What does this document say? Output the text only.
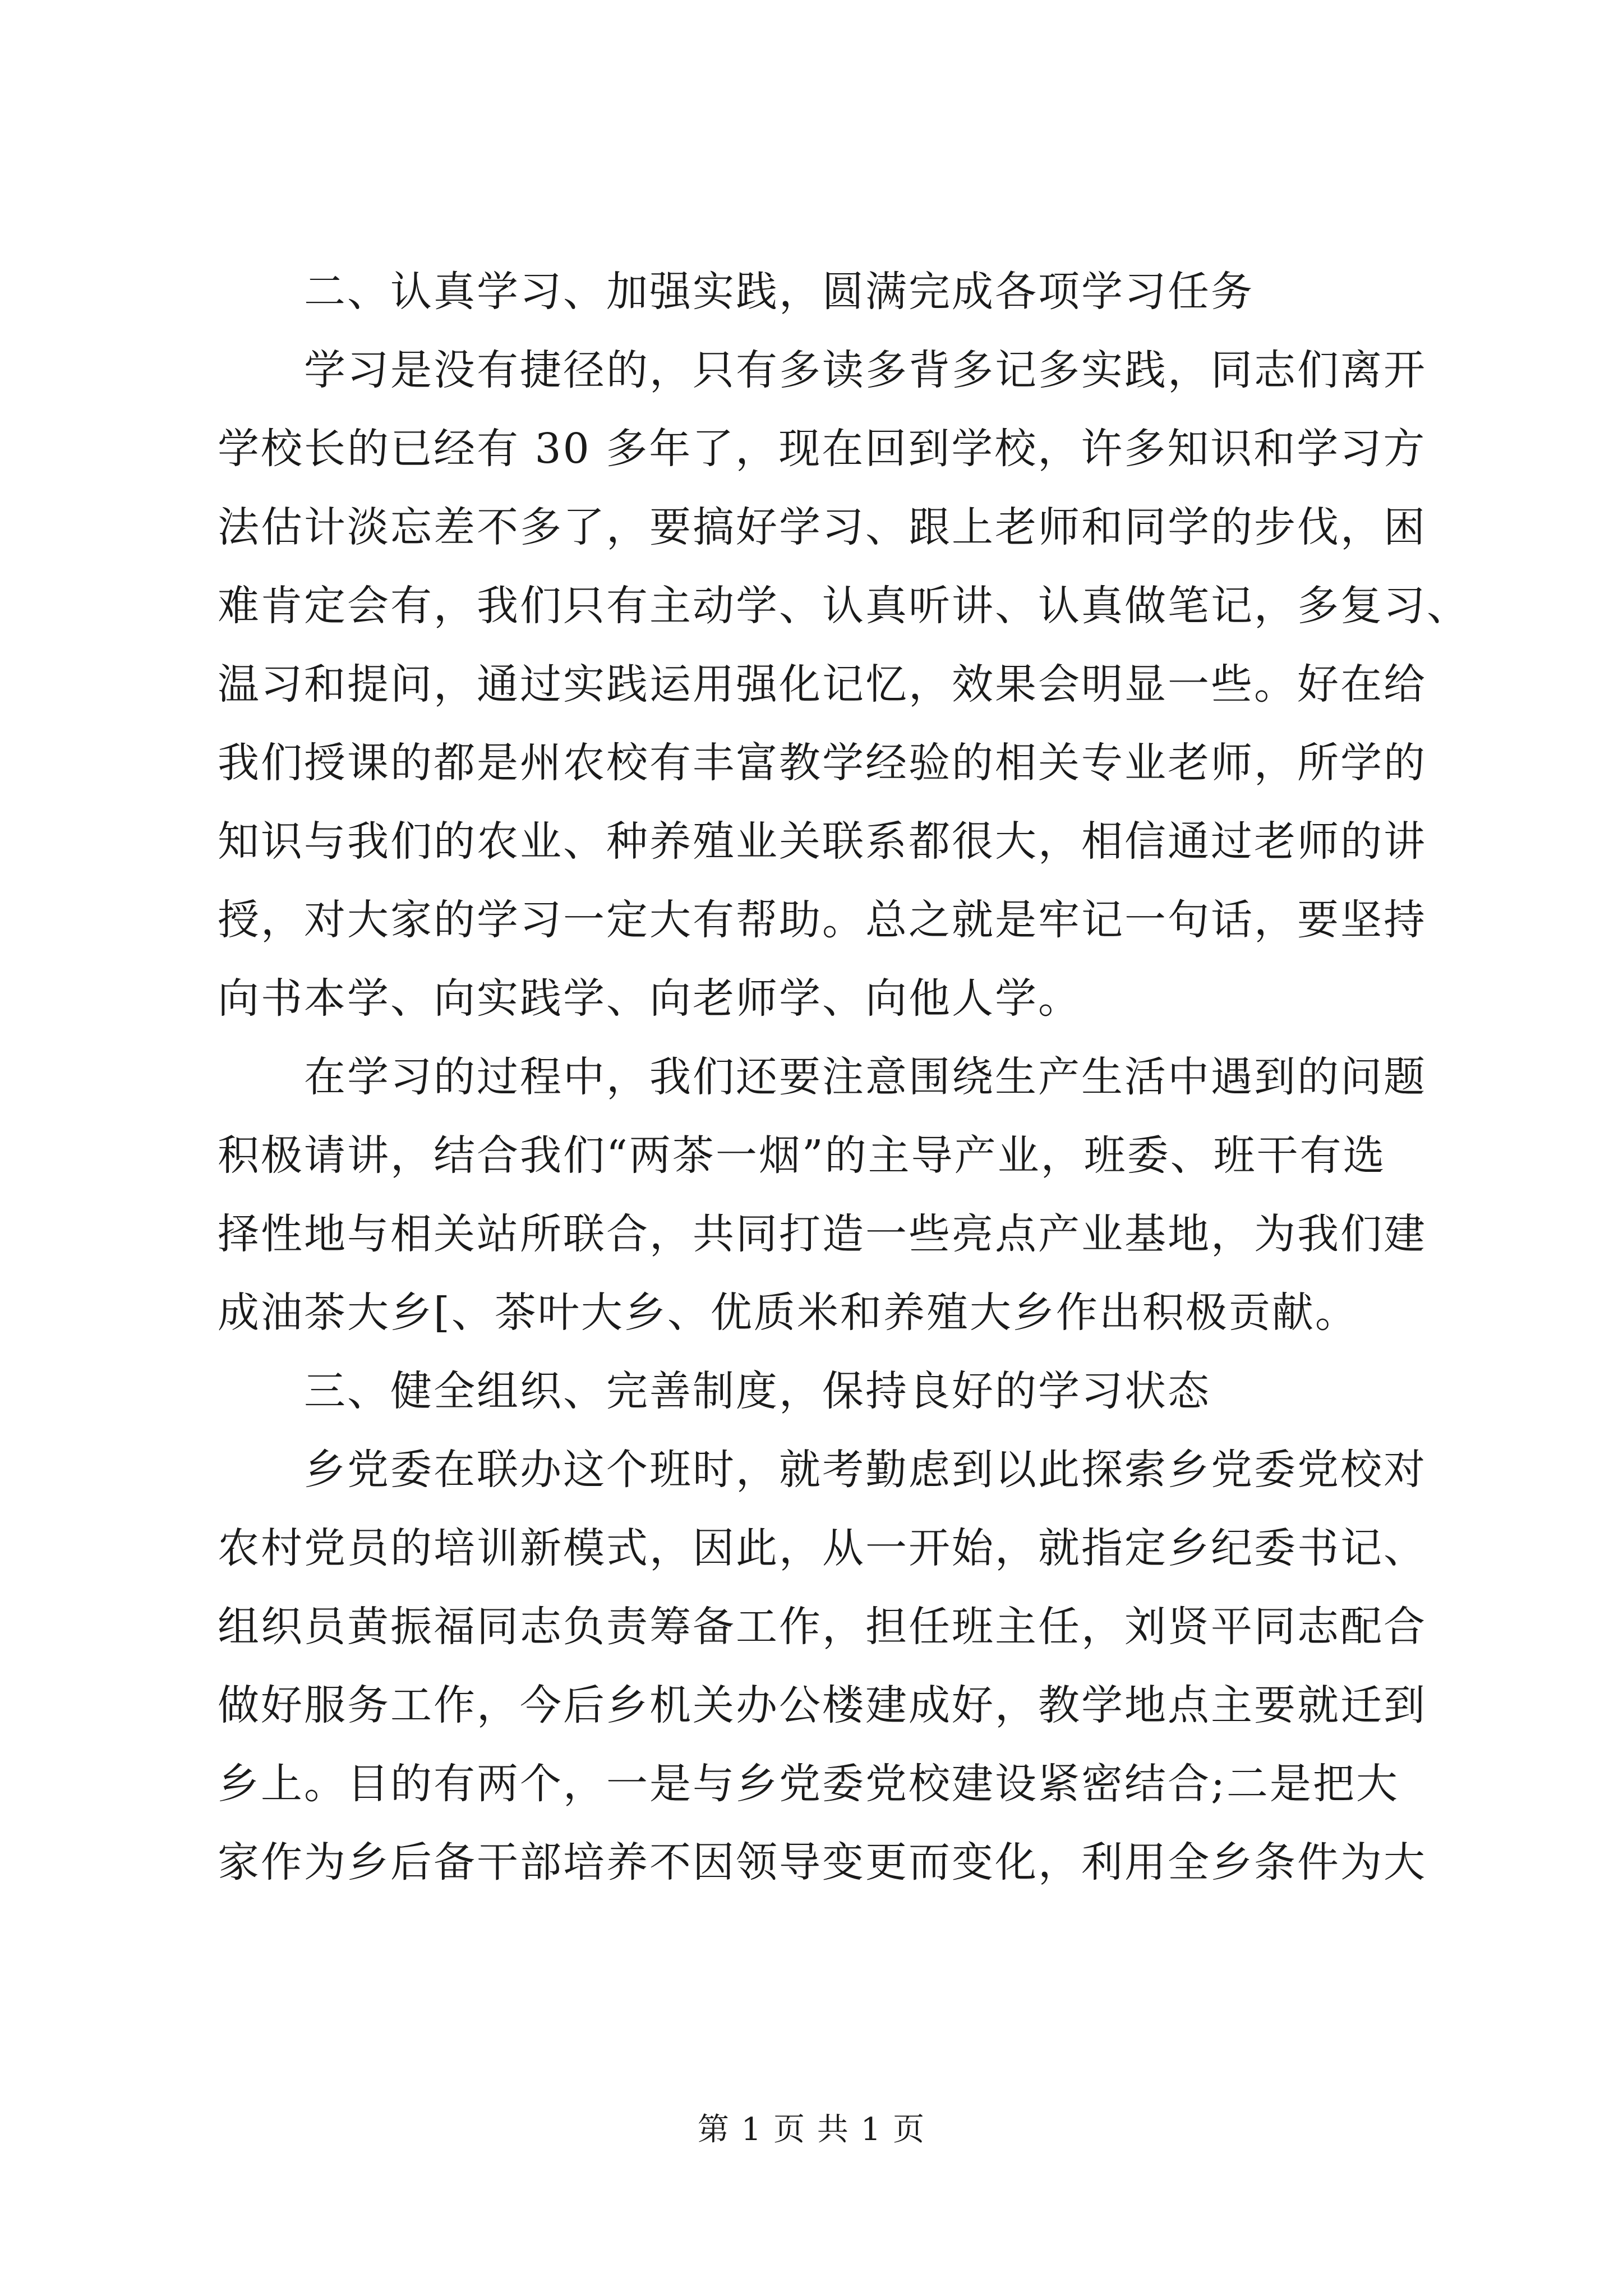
二、认真学习、加强实践，圆满完成各项学习任务
学习是没有捷径的，只有多读多背多记多实践，同志们离开
学校长的已经有 30 多年了，现在回到学校，许多知识和学习方
法估计淡忘差不多了，要搞好学习、跟上老师和同学的步伐，困
难肯定会有，我们只有主动学、认真听讲、认真做笔记，多复习、
温习和提问，通过实践运用强化记忆，效果会明显一些。好在给
我们授课的都是州农校有丰富教学经验的相关专业老师，所学的
知识与我们的农业、种养殖业关联系都很大，相信通过老师的讲
授，对大家的学习一定大有帮助。总之就是牢记一句话，要坚持
向书本学、向实践学、向老师学、向他人学。
在学习的过程中，我们还要注意围绕生产生活中遇到的问题
积极请讲，结合我们“两茶一烟”的主导产业，班委、班干有选
择性地与相关站所联合，共同打造一些亮点产业基地，为我们建
成油茶大乡[、茶叶大乡、优质米和养殖大乡作出积极贡献。
三、健全组织、完善制度，保持良好的学习状态
乡党委在联办这个班时，就考勤虑到以此探索乡党委党校对
农村党员的培训新模式，因此，从一开始，就指定乡纪委书记、
组织员黄振福同志负责筹备工作，担任班主任，刘贤平同志配合
做好服务工作，今后乡机关办公楼建成好，教学地点主要就迁到
乡上。目的有两个，一是与乡党委党校建设紧密结合;二是把大
家作为乡后备干部培养不因领导变更而变化，利用全乡条件为大
第 1 页 共 1 页
